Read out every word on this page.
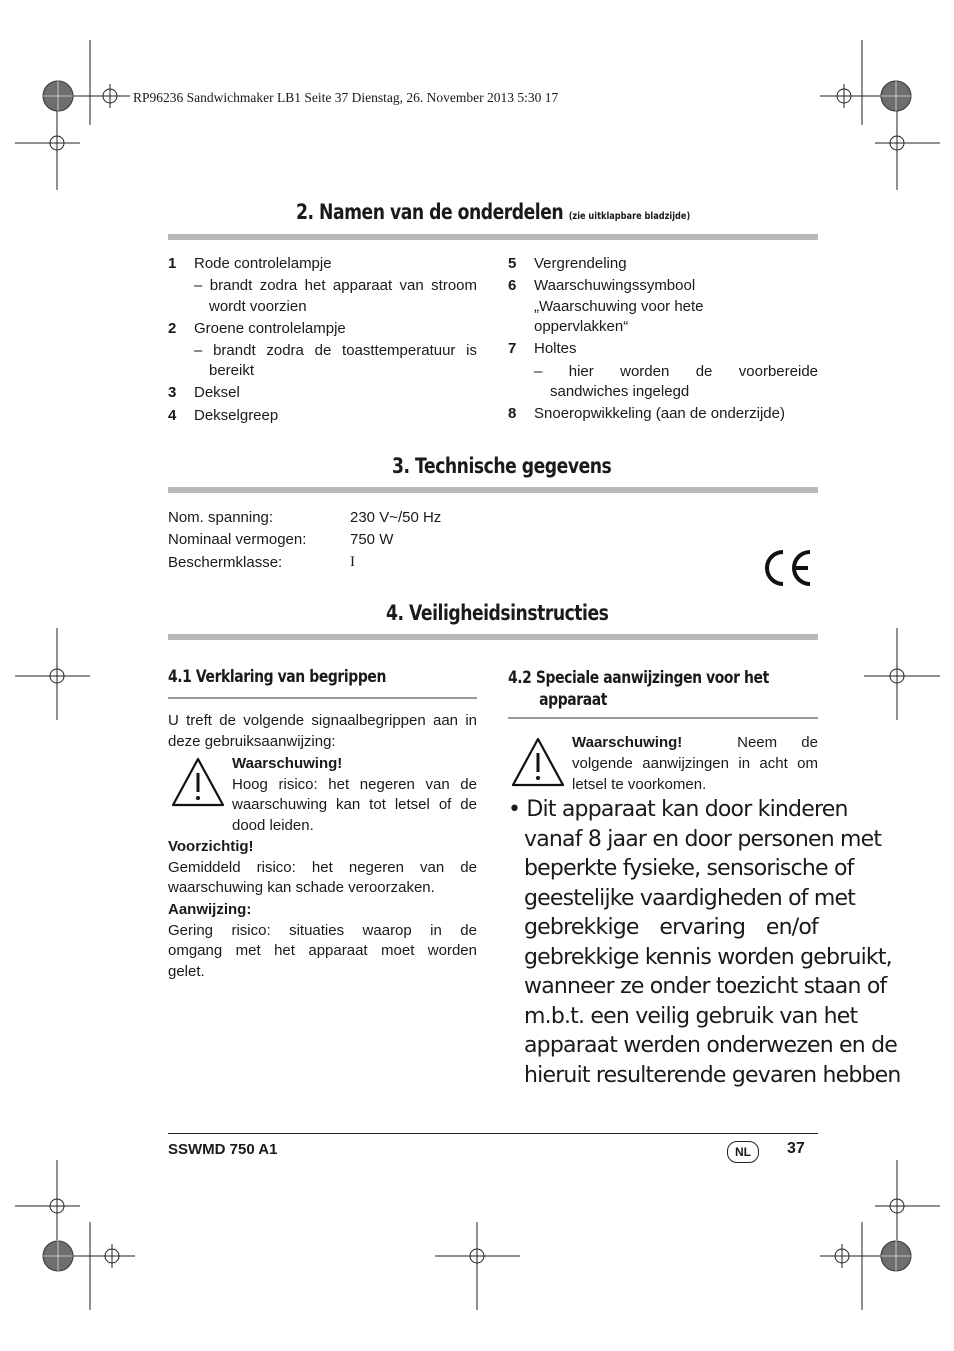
RP96236 Sandwichmaker LB1 Seite 37 Dienstag, 26. November 2013 5:30 17
2. Namen van de onderdelen (zie uitklapbare bladzijde)
1 Rode controlelampje
– brandt zodra het apparaat van stroom
wordt voorzien
2 Groene controlelampje
– brandt zodra de toasttemperatuur is
bereikt
3 Deksel
4 Dekselgreep
5 Vergrendeling
6 Waarschuwingssymbool
„Waarschuwing voor hete
oppervlakken“
7 Holtes
– hier worden de voorbereide
sandwiches ingelegd
8 Snoeropwikkeling (aan de onderzijde)
3. Technische gegevens
Nom. spanning:	230 V~/50 Hz
Nominaal vermogen:	750 W
Beschermklasse:	I
4. Veiligheidsinstructies
4.1 Verklaring van begrippen
U treft de volgende signaalbegrippen aan in
deze gebruiksaanwijzing:
Waarschuwing!
Hoog risico: het negeren van de
waarschuwing kan tot letsel of de
dood leiden.
Voorzichtig!
Gemiddeld risico: het negeren van de
waarschuwing kan schade veroorzaken.
Aanwijzing:
Gering risico: situaties waarop in de
omgang met het apparaat moet worden
gelet.
4.2 Speciale aanwijzingen voor het
apparaat
Waarschuwing!	Neem de
volgende aanwijzingen in acht om
letsel te voorkomen.
• Dit apparaat kan door kinderen
vanaf 8 jaar en door personen met
beperkte fysieke, sensorische of
geestelijke vaardigheden of met
gebrekkige ervaring en/of
gebrekkige kennis worden gebruikt,
wanneer ze onder toezicht staan of
m.b.t. een veilig gebruik van het
apparaat werden onderwezen en de
hieruit resulterende gevaren hebben
SSWMD 750 A1	NL	37
